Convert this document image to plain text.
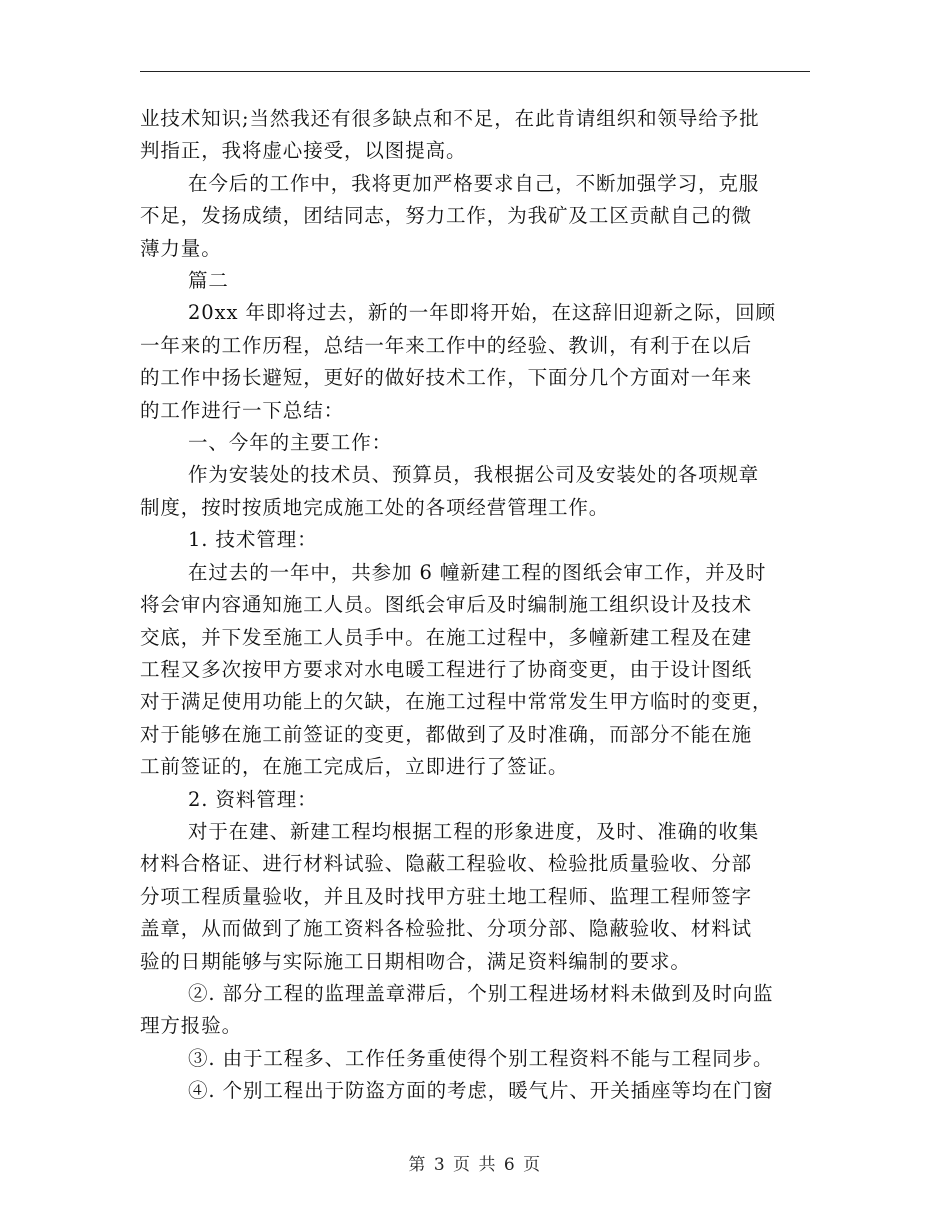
业技术知识;当然我还有很多缺点和不足，在此肯请组织和领导给予批

判指正，我将虚心接受，以图提高。

在今后的工作中，我将更加严格要求自己，不断加强学习，克服

不足，发扬成绩，团结同志，努力工作，为我矿及工区贡献自己的微

薄力量。

篇二

20xx 年即将过去，新的一年即将开始，在这辞旧迎新之际，回顾

一年来的工作历程，总结一年来工作中的经验、教训，有利于在以后

的工作中扬长避短，更好的做好技术工作，下面分几个方面对一年来

的工作进行一下总结：

一、今年的主要工作：

作为安装处的技术员、预算员，我根据公司及安装处的各项规章

制度，按时按质地完成施工处的各项经营管理工作。

1. 技术管理：

在过去的一年中，共参加 6 幢新建工程的图纸会审工作，并及时

将会审内容通知施工人员。图纸会审后及时编制施工组织设计及技术

交底，并下发至施工人员手中。在施工过程中，多幢新建工程及在建

工程又多次按甲方要求对水电暖工程进行了协商变更，由于设计图纸

对于满足使用功能上的欠缺，在施工过程中常常发生甲方临时的变更，

对于能够在施工前签证的变更，都做到了及时准确，而部分不能在施

工前签证的，在施工完成后，立即进行了签证。

2. 资料管理：

对于在建、新建工程均根据工程的形象进度，及时、准确的收集

材料合格证、进行材料试验、隐蔽工程验收、检验批质量验收、分部

分项工程质量验收，并且及时找甲方驻土地工程师、监理工程师签字

盖章，从而做到了施工资料各检验批、分项分部、隐蔽验收、材料试

验的日期能够与实际施工日期相吻合，满足资料编制的要求。

②. 部分工程的监理盖章滞后，个别工程进场材料未做到及时向监

理方报验。

③. 由于工程多、工作任务重使得个别工程资料不能与工程同步。

④. 个别工程出于防盗方面的考虑，暖气片、开关插座等均在门窗

第 3 页 共 6 页
